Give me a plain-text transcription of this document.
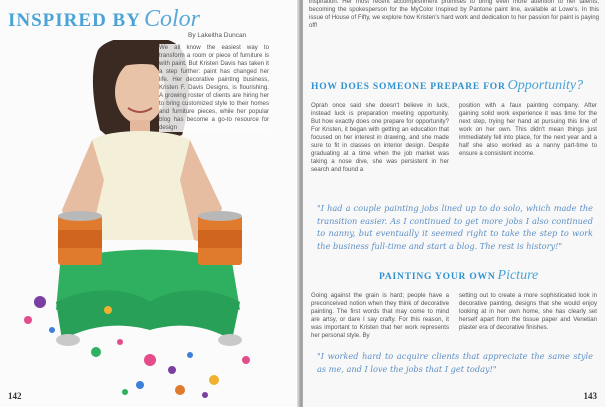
INSPIRED BY Color
By Lakeitha Duncan
We all know the easiest way to transform a room or piece of furniture is with paint. But Kristen Davis has taken it a step further: paint has changed her life. Her decorative painting business, Kristen F. Davis Designs, is flourishing. A growing roster of clients are hiring her to bring customized style to their homes and furniture pieces, while her popular blog has become a go-to resource for design
142
inspiration. Her most recent accomplishment promises to bring even more attention to her talents, becoming the spokesperson for the MyColor Inspired by Pantone paint line, available at Lowe's. In this issue of House of Fifty, we explore how Kristen's hard work and dedication to her passion for paint is paying off!
HOW DOES SOMEONE PREPARE FOR Opportunity?
Oprah once said she doesn't believe in luck, instead luck is preparation meeting opportunity. But how exactly does one prepare for opportunity? For Kristen, it began with getting an education that focused on her interest in drawing, and she made sure to fit in classes on interior design. Despite graduating at a time when the job market was taking a nose dive, she was persistent in her search and found a
position with a faux painting company. After gaining solid work experience it was time for the next step, trying her hand at pursuing this line of work on her own. This didn't mean things just immediately fell into place, for the next year and a half she also worked as a nanny part-time to ensure a consistent income.
"I had a couple painting jobs lined up to do solo, which made the transition easier. As I continued to get more jobs I also continued to nanny, but eventually it seemed right to take the step to work the business full-time and start a blog. The rest is history!"
PAINTING YOUR OWN Picture
Going against the grain is hard; people have a preconceived notion when they think of decorative painting. The first words that may come to mind are artsy, or dare I say crafty. For this reason, it was important to Kristen that her work represents her personal style. By
setting out to create a more sophisticated look in decorative painting, designs that she would enjoy looking at in her own home, she has clearly set herself apart from the tissue paper and Venetian plaster era of decorative finishes.
"I worked hard to acquire clients that appreciate the same style as me, and I love the jobs that I get today!"
143
